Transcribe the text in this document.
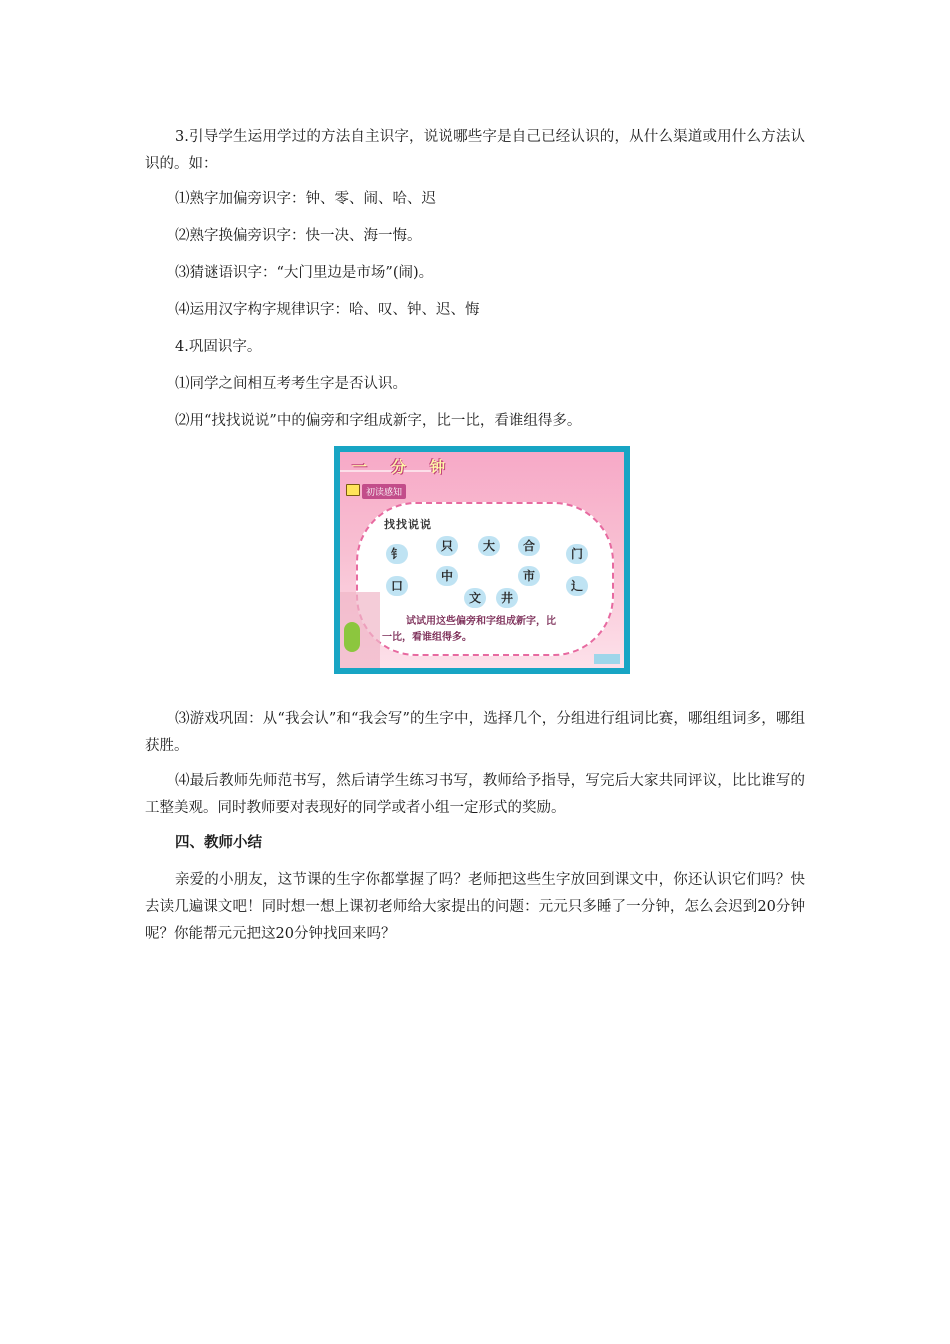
3.引导学生运用学过的方法自主识字，说说哪些字是自己已经认识的，从什么渠道或用什么方法认识的。如：

⑴熟字加偏旁识字：钟、零、闹、哈、迟

⑵熟字换偏旁识字：快一决、海一悔。

⑶猜谜语识字：“大门里边是市场”(闹)。

⑷运用汉字构字规律识字：哈、叹、钟、迟、悔

4.巩固识字。

⑴同学之间相互考考生字是否认识。

⑵用“找找说说”中的偏旁和字组成新字，比一比，看谁组得多。

一分钟
初读感知
找找说说
钅
只	大	合
门
口
中
文	井
市
辶
试试用这些偏旁和字组成新字，比
一比，看谁组得多。

⑶游戏巩固：从“我会认”和“我会写”的生字中，选择几个，分组进行组词比赛，哪组组词多，哪组获胜。

⑷最后教师先师范书写，然后请学生练习书写，教师给予指导，写完后大家共同评议，比比谁写的工整美观。同时教师要对表现好的同学或者小组一定形式的奖励。

四、教师小结

亲爱的小朋友，这节课的生字你都掌握了吗？老师把这些生字放回到课文中，你还认识它们吗？快去读几遍课文吧！同时想一想上课初老师给大家提出的问题：元元只多睡了一分钟，怎么会迟到20分钟呢？你能帮元元把这20分钟找回来吗？
